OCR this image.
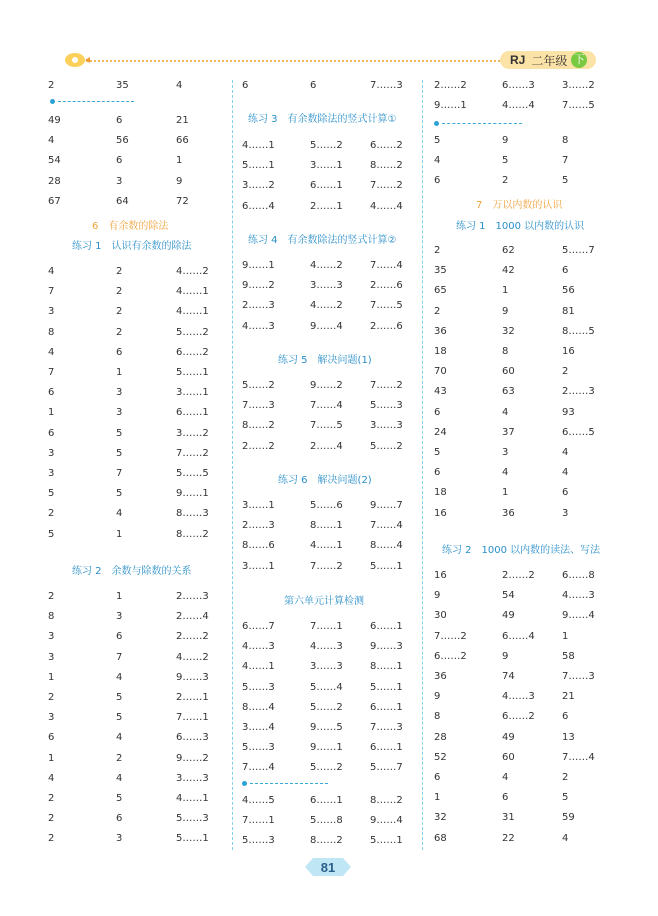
RJ 二年级 下
6　有余数的除法
练习 1　认识有余数的除法
练习 2　余数与除数的关系
2	35	4
49	6	21
4	56	66
54	6	1
28	3	9
67	64	72
4	2	4……2
7	2	4……1
3	2	4……1
8	2	5……2
4	6	6……2
7	1	5……1
6	3	3……1
1	3	6……1
6	5	3……2
3	5	7……2
3	7	5……5
5	5	9……1
2	4	8……3
5	1	8……2
2	1	2……3
8	3	2……4
3	6	2……2
3	7	4……2
1	4	9……3
2	5	2……1
3	5	7……1
6	4	6……3
1	2	9……2
4	4	3……3
2	5	4……1
2	6	5……3
2	3	5……1
练习 3　有余数除法的竖式计算①
练习 4　有余数除法的竖式计算②
练习 5　解决问题(1)
练习 6　解决问题(2)
第六单元计算检测
6	6	7……3
4……1	5……2	6……2
5……1	3……1	8……2
3……2	6……1	7……2
6……4	2……1	4……4
9……1	4……2	7……4
9……2	3……3	2……6
2……3	4……2	7……5
4……3	9……4	2……6
5……2	9……2	7……2
7……3	7……4	5……3
8……2	7……5	3……3
2……2	2……4	5……2
3……1	5……6	9……7
2……3	8……1	7……4
8……6	4……1	8……4
3……1	7……2	5……1
6……7	7……1	6……1
4……3	4……3	9……3
4……1	3……3	8……1
5……3	5……4	5……1
8……4	5……2	6……1
3……4	9……5	7……3
5……3	9……1	6……1
7……4	5……2	5……7
4……5	6……1	8……2
7……1	5……8	9……4
5……3	8……2	5……1
7　万以内数的认识
练习 1　1000 以内数的认识
练习 2　1000 以内数的读法、写法
2……2	6……3	3……2
9……1	4……4	7……5
5	9	8
4	5	7
6	2	5
2	62	5……7
35	42	6
65	1	56
2	9	81
36	32	8……5
18	8	16
70	60	2
43	63	2……3
6	4	93
24	37	6……5
5	3	4
6	4	4
18	1	6
16	36	3
16	2……2	6……8
9	54	4……3
30	49	9……4
7……2	6……4	1
6……2	9	58
36	74	7……3
9	4……3	21
8	6……2	6
28	49	13
52	60	7……4
6	4	2
1	6	5
32	31	59
68	22	4
81
